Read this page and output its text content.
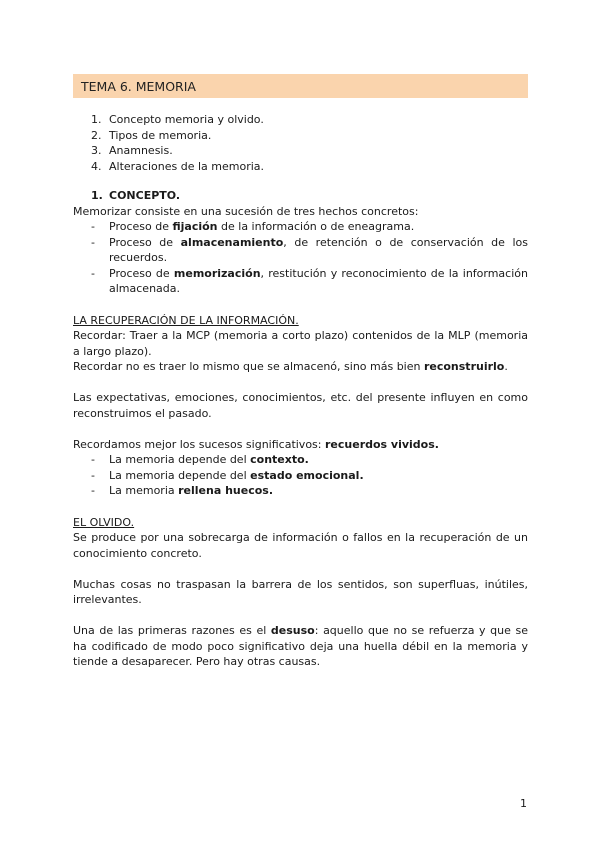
TEMA 6. MEMORIA
1. Concepto memoria y olvido.
2. Tipos de memoria.
3. Anamnesis.
4. Alteraciones de la memoria.
1. CONCEPTO.

Memorizar consiste en una sucesión de tres hechos concretos:

- Proceso de fijación de la información o de eneagrama.
- Proceso de almacenamiento, de retención o de conservación de los recuerdos.
- Proceso de memorización, restitución y reconocimiento de la información almacenada.

LA RECUPERACIÓN DE LA INFORMACIÓN.

Recordar: Traer a la MCP (memoria a corto plazo) contenidos de la MLP (memoria a largo plazo).

Recordar no es traer lo mismo que se almacenó, sino más bien reconstruirlo.

Las expectativas, emociones, conocimientos, etc. del presente influyen en como reconstruimos el pasado.

Recordamos mejor los sucesos significativos: recuerdos vividos.

- La memoria depende del contexto.
- La memoria depende del estado emocional.
- La memoria rellena huecos.

EL OLVIDO.

Se produce por una sobrecarga de información o fallos en la recuperación de un conocimiento concreto.

Muchas cosas no traspasan la barrera de los sentidos, son superfluas, inútiles, irrelevantes.

Una de las primeras razones es el desuso: aquello que no se refuerza y que se ha codificado de modo poco significativo deja una huella débil en la memoria y tiende a desaparecer. Pero hay otras causas.

1
